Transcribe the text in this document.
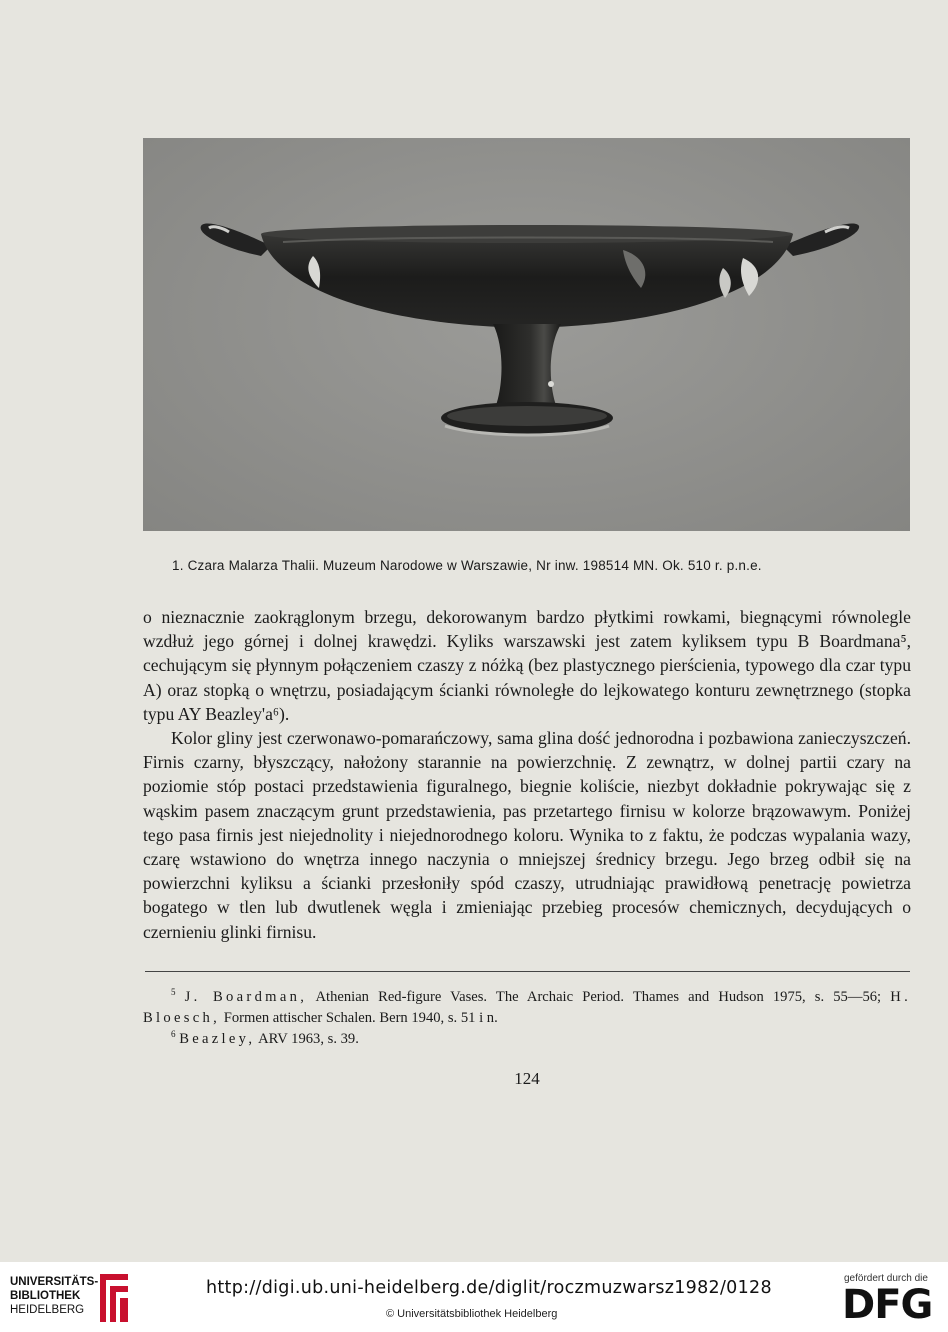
1. Czara Malarza Thalii. Muzeum Narodowe w Warszawie, Nr inw. 198514 MN. Ok. 510 r. p.n.e.

o nieznacznie zaokrąglonym brzegu, dekorowanym bardzo płytkimi rowkami, biegnącymi równolegle wzdłuż jego górnej i dolnej krawędzi. Kyliks warszawski jest zatem kyliksem typu B Boardmana⁵, cechującym się płynnym połączeniem czaszy z nóżką (bez plastycznego pierścienia, typowego dla czar typu A) oraz stopką o wnętrzu, posiadającym ścianki równoległe do lejkowatego konturu zewnętrznego (stopka typu AY Beazley'a⁶).

Kolor gliny jest czerwonawo-pomarańczowy, sama glina dość jednorodna i pozbawiona zanieczyszczeń. Firnis czarny, błyszczący, nałożony starannie na powierzchnię. Z zewnątrz, w dolnej partii czary na poziomie stóp postaci przedstawienia figuralnego, biegnie koliście, niezbyt dokładnie pokrywając się z wąskim pasem znaczącym grunt przedstawienia, pas przetartego firnisu w kolorze brązowawym. Poniżej tego pasa firnis jest niejednolity i niejednorodnego koloru. Wynika to z faktu, że podczas wypalania wazy, czarę wstawiono do wnętrza innego naczynia o mniejszej średnicy brzegu. Jego brzeg odbił się na powierzchni kyliksu a ścianki przesłoniły spód czaszy, utrudniając prawidłową penetrację powietrza bogatego w tlen lub dwutlenek węgla i zmieniając przebieg procesów chemicznych, decydujących o czernieniu glinki firnisu.

$^5$ J. Boardman, Athenian Red-figure Vases. The Archaic Period. Thames and Hudson 1975, s. 55—56; H. Bloesch, Formen attischer Schalen. Bern 1940, s. 51 i n.

$^6$ Beazley, ARV 1963, s. 39.

124
UNIVERSITÄTS-
BIBLIOTHEK
HEIDELBERG
http://digi.ub.uni-heidelberg.de/diglit/roczmuzwarsz1982/0128
© Universitätsbibliothek Heidelberg
gefördert durch die
DFG
